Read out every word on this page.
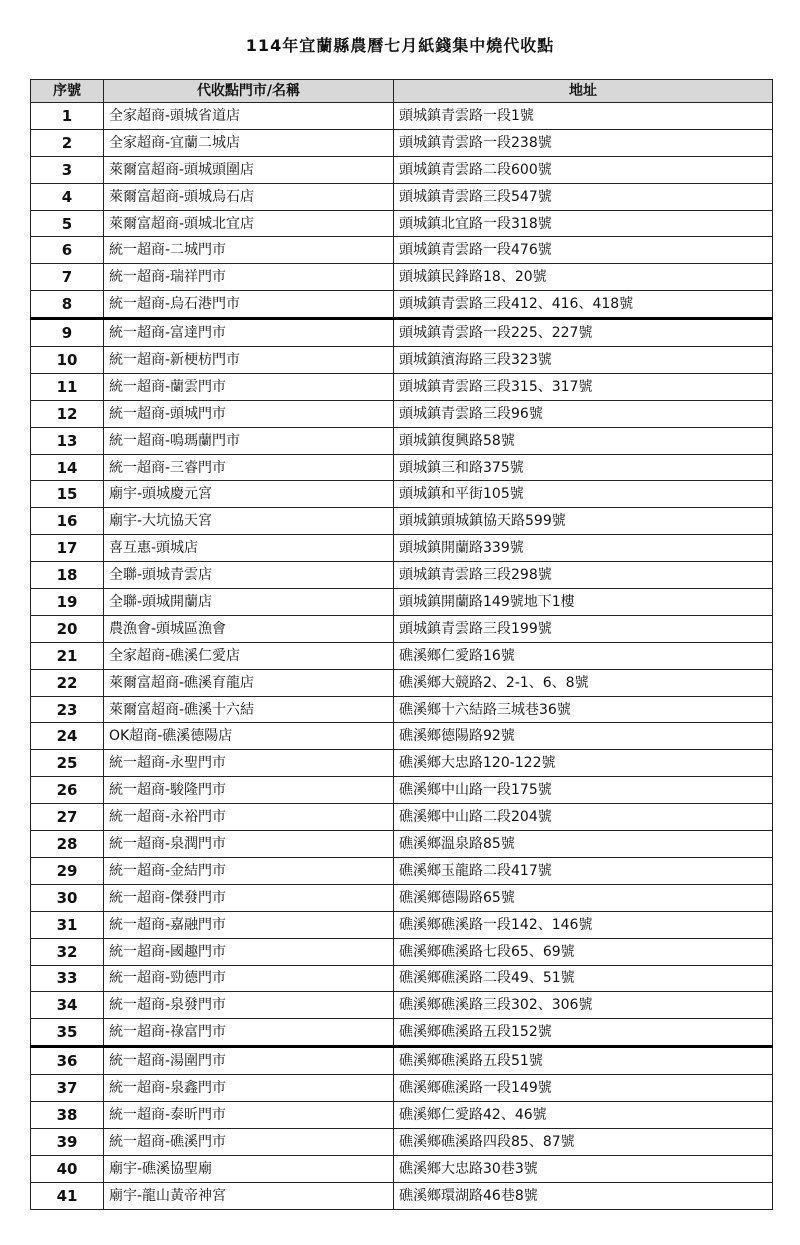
114年宜蘭縣農曆七月紙錢集中燒代收點
序號	代收點門市/名稱	地址
1	全家超商-頭城省道店	頭城鎮青雲路一段1號
2	全家超商-宜蘭二城店	頭城鎮青雲路一段238號
3	萊爾富超商-頭城頭圍店	頭城鎮青雲路二段600號
4	萊爾富超商-頭城烏石店	頭城鎮青雲路三段547號
5	萊爾富超商-頭城北宜店	頭城鎮北宜路一段318號
6	統一超商-二城門市	頭城鎮青雲路一段476號
7	統一超商-瑞祥門市	頭城鎮民鋒路18、20號
8	統一超商-烏石港門市	頭城鎮青雲路三段412、416、418號
9	統一超商-富達門市	頭城鎮青雲路一段225、227號
10	統一超商-新梗枋門市	頭城鎮濱海路三段323號
11	統一超商-蘭雲門市	頭城鎮青雲路三段315、317號
12	統一超商-頭城門市	頭城鎮青雲路三段96號
13	統一超商-鳴瑪蘭門市	頭城鎮復興路58號
14	統一超商-三睿門市	頭城鎮三和路375號
15	廟宇-頭城慶元宮	頭城鎮和平街105號
16	廟宇-大坑協天宮	頭城鎮頭城鎮協天路599號
17	喜互惠-頭城店	頭城鎮開蘭路339號
18	全聯-頭城青雲店	頭城鎮青雲路三段298號
19	全聯-頭城開蘭店	頭城鎮開蘭路149號地下1樓
20	農漁會-頭城區漁會	頭城鎮青雲路三段199號
21	全家超商-礁溪仁愛店	礁溪鄉仁愛路16號
22	萊爾富超商-礁溪育龍店	礁溪鄉大競路2、2-1、6、8號
23	萊爾富超商-礁溪十六結	礁溪鄉十六結路三城巷36號
24	OK超商-礁溪德陽店	礁溪鄉德陽路92號
25	統一超商-永聖門市	礁溪鄉大忠路120-122號
26	統一超商-駿隆門市	礁溪鄉中山路一段175號
27	統一超商-永裕門市	礁溪鄉中山路二段204號
28	統一超商-泉潤門市	礁溪鄉溫泉路85號
29	統一超商-金結門市	礁溪鄉玉龍路二段417號
30	統一超商-傑發門市	礁溪鄉德陽路65號
31	統一超商-嘉融門市	礁溪鄉礁溪路一段142、146號
32	統一超商-國趣門市	礁溪鄉礁溪路七段65、69號
33	統一超商-勁德門市	礁溪鄉礁溪路二段49、51號
34	統一超商-泉發門市	礁溪鄉礁溪路三段302、306號
35	統一超商-祿富門市	礁溪鄉礁溪路五段152號
36	統一超商-湯圍門市	礁溪鄉礁溪路五段51號
37	統一超商-泉鑫門市	礁溪鄉礁溪路一段149號
38	統一超商-泰昕門市	礁溪鄉仁愛路42、46號
39	統一超商-礁溪門市	礁溪鄉礁溪路四段85、87號
40	廟宇-礁溪協聖廟	礁溪鄉大忠路30巷3號
41	廟宇-龍山黃帝神宮	礁溪鄉環湖路46巷8號
